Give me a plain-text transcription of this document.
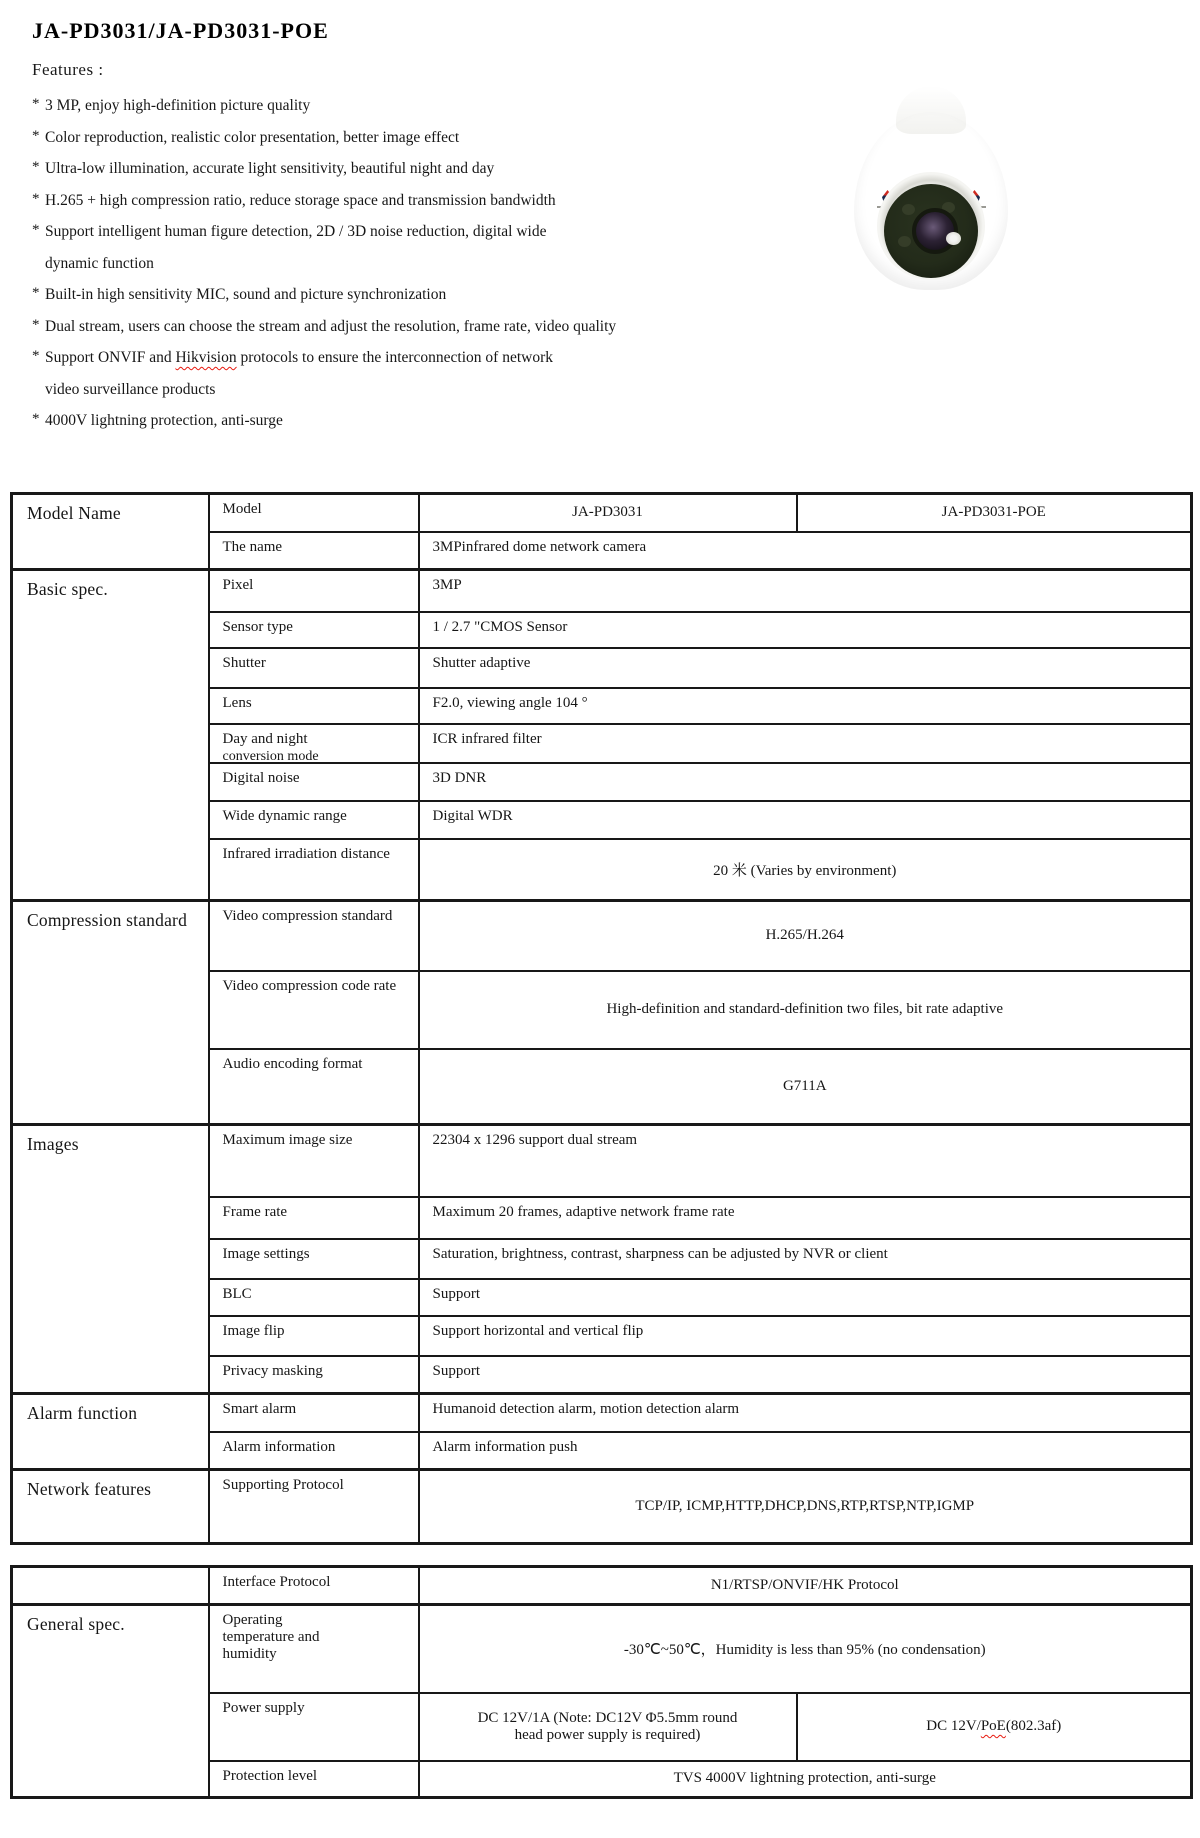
JA-PD3031/JA-PD3031-POE
Features :
* 3 MP, enjoy high-definition picture quality
* Color reproduction, realistic color presentation, better image effect
* Ultra-low illumination, accurate light sensitivity, beautiful night and day
* H.265 + high compression ratio, reduce storage space and transmission bandwidth
* Support intelligent human figure detection, 2D / 3D noise reduction, digital wide
dynamic function
* Built-in high sensitivity MIC, sound and picture synchronization
* Dual stream, users can choose the stream and adjust the resolution, frame rate, video quality
* Support ONVIF and Hikvision protocols to ensure the interconnection of network
video surveillance products
* 4000V lightning protection, anti-surge
Model Name	Model	JA-PD3031	JA-PD3031-POE
	The name	3MPinfrared dome network camera	
Basic spec.	Pixel	3MP	
	Sensor type	1 / 2.7 "CMOS Sensor	
	Shutter	Shutter adaptive	
	Lens	F2.0, viewing angle 104 °	

	Day and night
conversion mode	ICR infrared filter	
	Digital noise	3D DNR	
	Wide dynamic range	Digital WDR	
	Infrared irradiation distance	20 米 (Varies by environment)	
Compression standard	Video compression standard	H.265/H.264	
	Video compression code rate	High-definition and standard-definition two files, bit rate adaptive	
	Audio encoding format	G711A	
Images	Maximum image size	22304 x 1296 support dual stream	
	Frame rate	Maximum 20 frames, adaptive network frame rate	
	Image settings	Saturation, brightness, contrast, sharpness can be adjusted by NVR or client	
	BLC	Support	
	Image flip	Support horizontal and vertical flip	
	Privacy masking	Support	
Alarm function	Smart alarm	Humanoid detection alarm, motion detection alarm	
	Alarm information	Alarm information push	
Network features	Supporting Protocol	TCP/IP, ICMP,HTTP,DHCP,DNS,RTP,RTSP,NTP,IGMP	
	Interface Protocol	N1/RTSP/ONVIF/HK Protocol	
General spec.	Operating temperature and humidity	-30℃~50℃，Humidity is less than 95% (no condensation)	
	Power supply	DC 12V/1A (Note: DC12V Φ5.5mm round
head power supply is required)	DC 12V/PoE(802.3af)
	Protection level	TVS 4000V lightning protection, anti-surge	
